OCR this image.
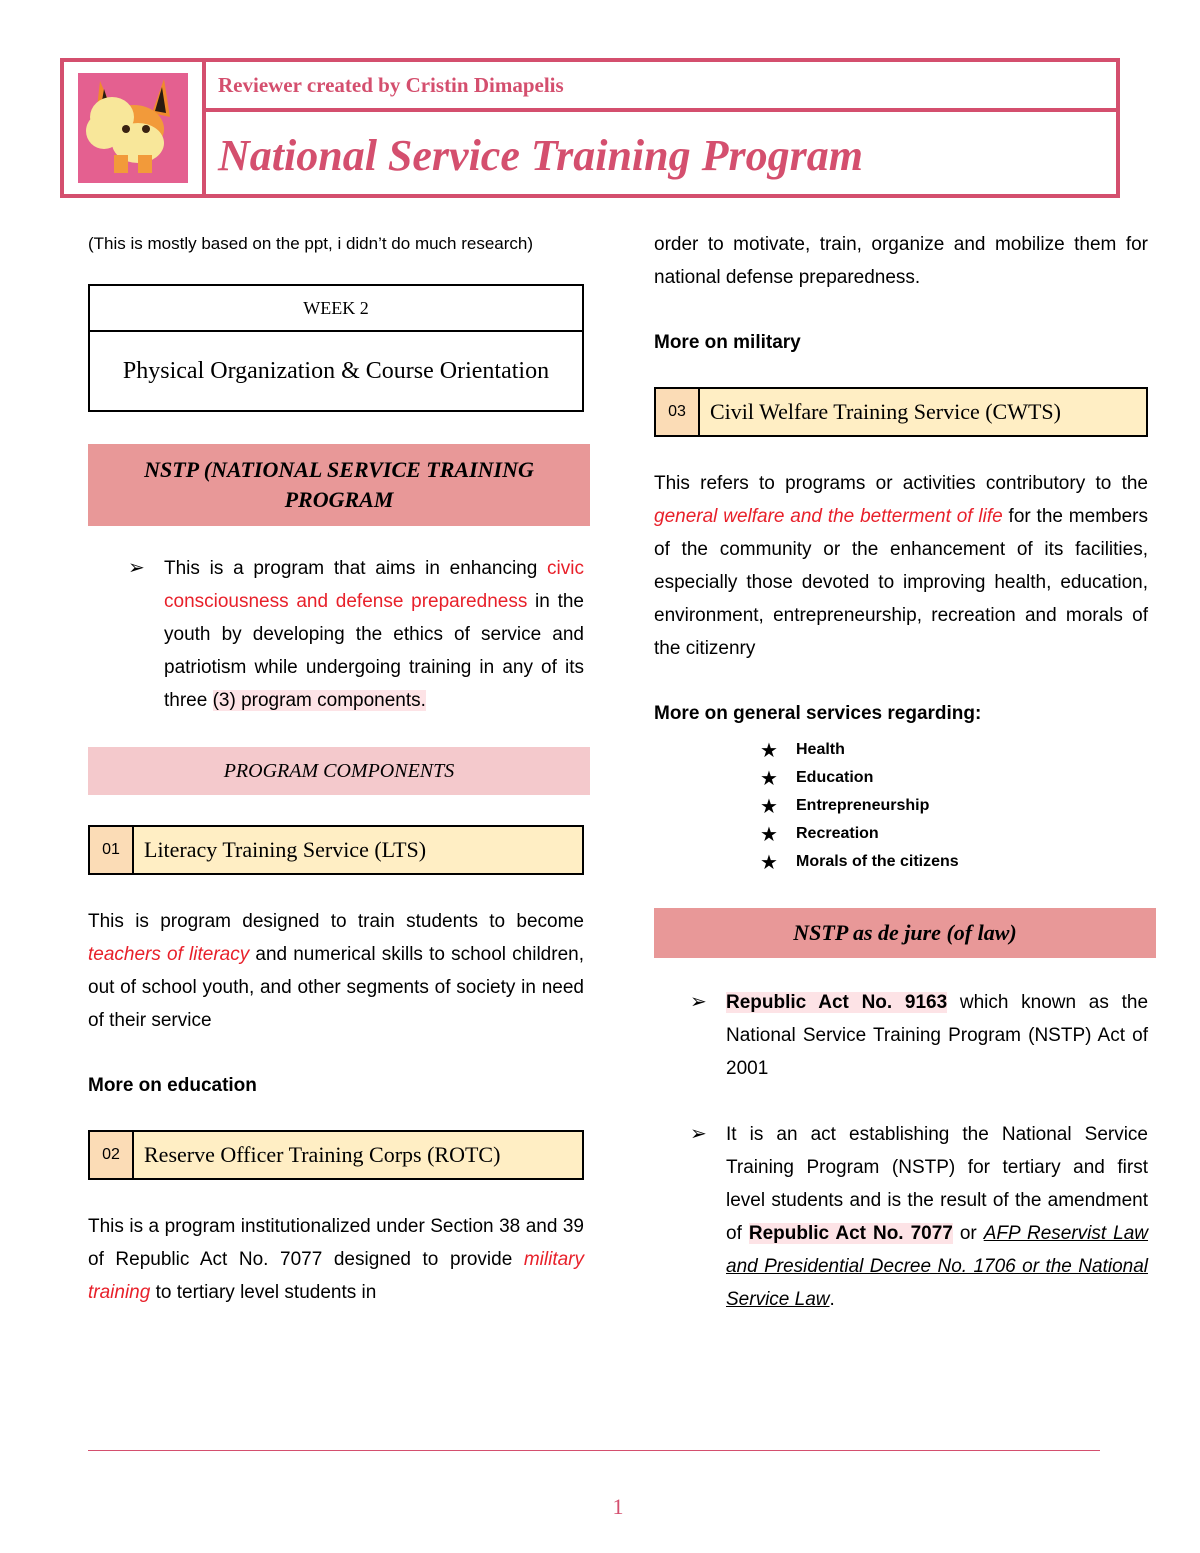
Reviewer created by Cristin Dimapelis
National Service Training Program
(This is mostly based on the ppt, i didn’t do much research)
WEEK 2
Physical Organization & Course Orientation
NSTP (NATIONAL SERVICE TRAINING PROGRAM
➢	This is a program that aims in enhancing civic consciousness and defense preparedness in the youth by developing the ethics of service and patriotism while undergoing training in any of its three (3) program components.
PROGRAM COMPONENTS
01	Literacy Training Service (LTS)
This is program designed to train students to become teachers of literacy and numerical skills to school children, out of school youth, and other segments of society in need of their service
More on education
02	Reserve Officer Training Corps (ROTC)
This is a program institutionalized under Section 38 and 39 of Republic Act No. 7077 designed to provide military training to tertiary level students in
order to motivate, train, organize and mobilize them for national defense preparedness.
More on military
03	Civil Welfare Training Service (CWTS)
This refers to programs or activities contributory to the general welfare and the betterment of life for the members of the community or the enhancement of its facilities, especially those devoted to improving health, education, environment, entrepreneurship, recreation and morals of the citizenry
More on general services regarding:
★	Health
★	Education
★	Entrepreneurship
★	Recreation
★	Morals of the citizens
NSTP as de jure (of law)
➢	Republic Act No. 9163 which known as the National Service Training Program (NSTP) Act of 2001
➢	It is an act establishing the National Service Training Program (NSTP) for tertiary and first level students and is the result of the amendment of Republic Act No. 7077 or AFP Reservist Law and Presidential Decree No. 1706 or the National Service Law.
1
